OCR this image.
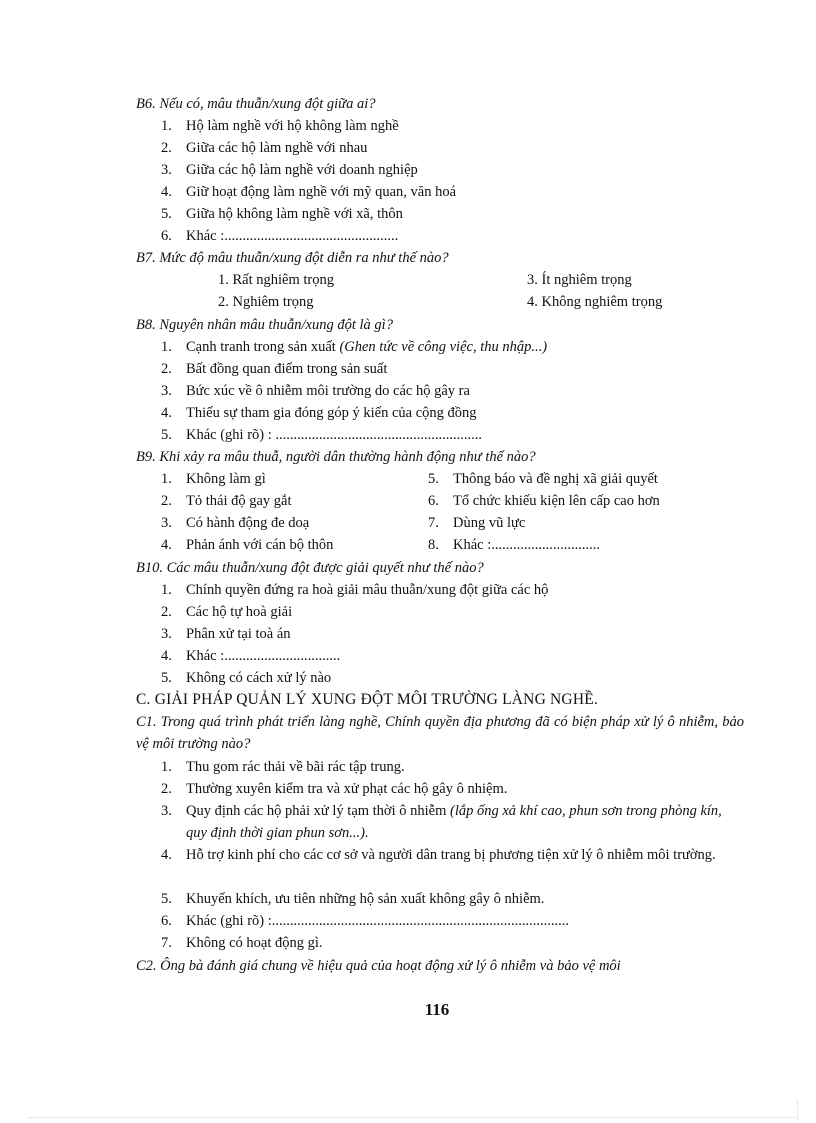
B6. Nếu có, mâu thuẫn/xung đột giữa ai?
1. Hộ làm nghề với hộ không làm nghề
2. Giữa các hộ làm nghề với nhau
3. Giữa các hộ làm nghề với doanh nghiệp
4. Giữ hoạt động làm nghề với mỹ quan, văn hoá
5. Giữa hộ không làm nghề với xã, thôn
6. Khác :................................................
B7. Mức độ mâu thuẫn/xung đột diễn ra như thế nào?
1. Rất nghiêm trọng	3. Ít nghiêm trọng
2. Nghiêm trọng	4. Không nghiêm trọng
B8. Nguyên nhân mâu thuẫn/xung đột là gì?
1. Cạnh tranh trong sản xuất (Ghen tức về công việc, thu nhập...)
2. Bất đồng quan điểm trong sản suất
3. Bức xúc về ô nhiễm môi trường do các hộ gây ra
4. Thiếu sự tham gia đóng góp ý kiến của cộng đồng
5. Khác (ghi rõ) : .........................................................
B9. Khi xảy ra mâu thuẫ, người dân thường hành động như thế nào?
1. Không làm gì
2. Tỏ thái độ gay gắt
3. Có hành động đe doạ
4. Phản ánh với cán bộ thôn
5. Thông báo và đề nghị xã giải quyết
6. Tổ chức khiếu kiện lên cấp cao hơn
7. Dùng vũ lực
8. Khác :..............................
B10. Các mâu thuẫn/xung đột được giải quyết như thế nào?
1. Chính quyền đứng ra hoà giải mâu thuẫn/xung đột giữa các hộ
2. Các hộ tự hoà giải
3. Phân xử tại toà án
4. Khác :................................
5. Không có cách xử lý nào
C. GIẢI PHÁP QUẢN LÝ XUNG ĐỘT MÔI TRƯỜNG LÀNG NGHỀ.
C1. Trong quá trình phát triển làng nghề, Chính quyền địa phương đã có biện pháp xử lý ô nhiễm, bảo vệ môi trường nào?
1. Thu gom rác thải về bãi rác tập trung.
2. Thường xuyên kiểm tra và xử phạt các hộ gây ô nhiệm.
3. Quy định các hộ phải xử lý tạm thời ô nhiễm (lắp ống xả khí cao, phun sơn trong phòng kín, quy định thời gian phun sơn...).
4. Hỗ trợ kinh phí cho các cơ sở và người dân trang bị phương tiện xử lý ô nhiễm môi trường.
5. Khuyến khích, ưu tiên những hộ sản xuất không gây ô nhiễm.
6. Khác (ghi rõ) :..................................................................................
7. Không có hoạt động gì.
C2. Ông bà đánh giá chung về hiệu quả của hoạt động xử lý ô nhiễm và bảo vệ môi
116
